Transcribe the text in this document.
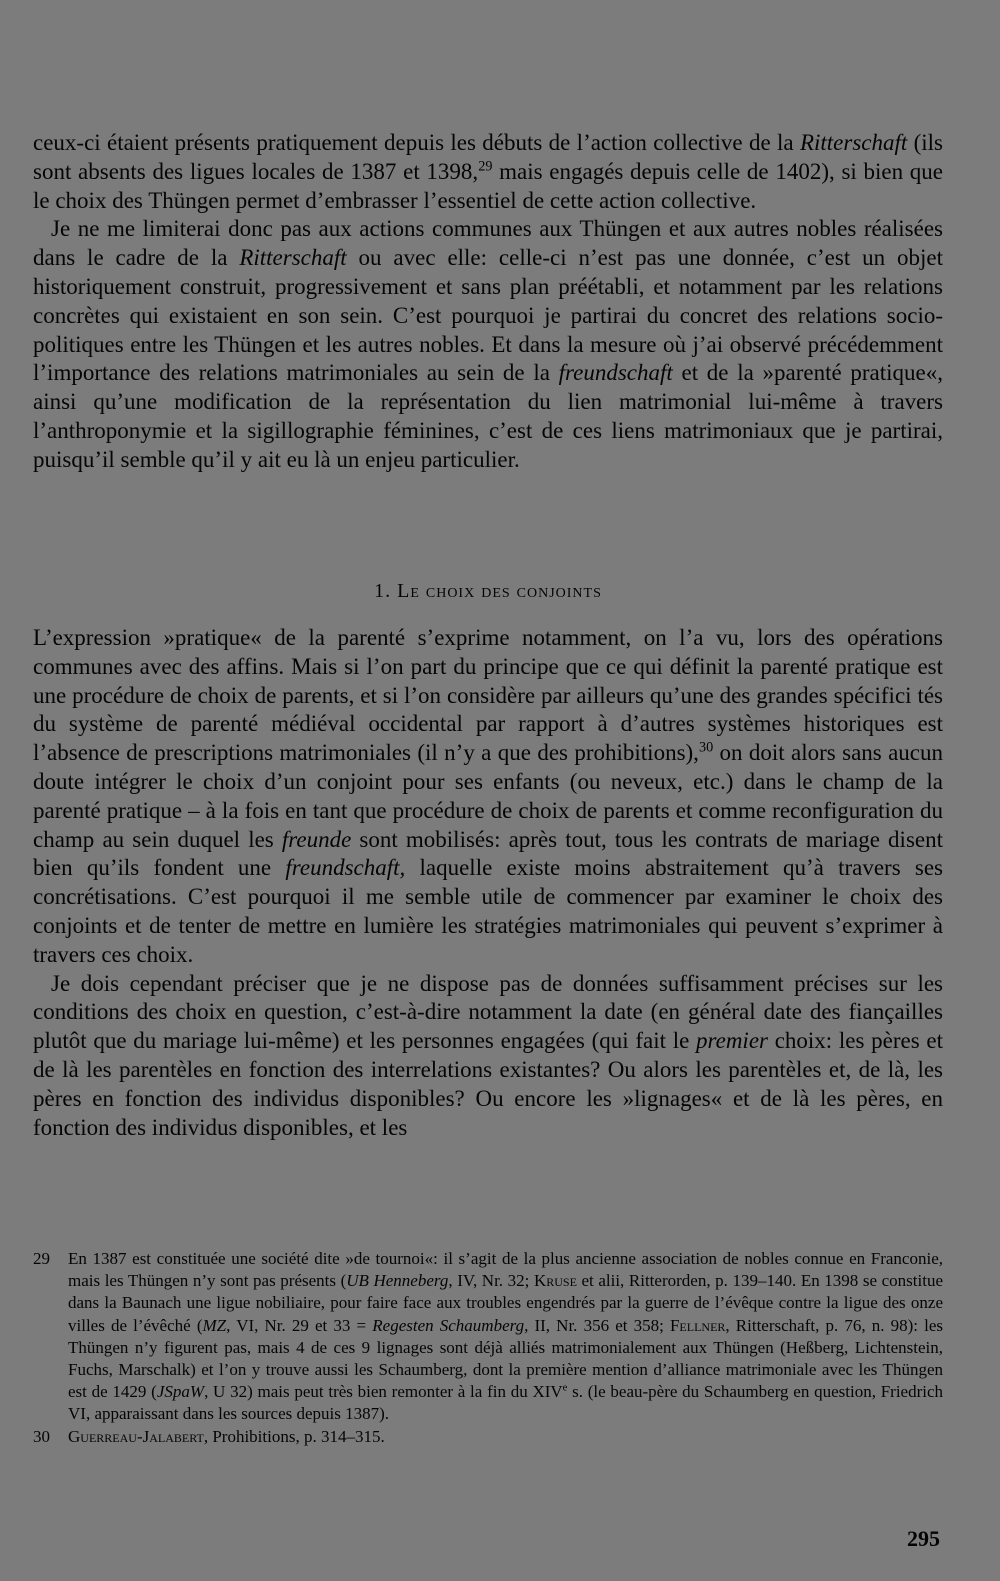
ceux-ci étaient présents pratiquement depuis les débuts de l’action collective de la Ritterschaft (ils sont absents des ligues locales de 1387 et 1398,29 mais engagés depuis celle de 1402), si bien que le choix des Thüngen permet d’embrasser l’essentiel de cette action collective.

Je ne me limiterai donc pas aux actions communes aux Thüngen et aux autres nobles réalisées dans le cadre de la Ritterschaft ou avec elle: celle-ci n’est pas une donnée, c’est un objet historiquement construit, progressivement et sans plan préétabli, et notamment par les relations concrètes qui existaient en son sein. C’est pourquoi je partirai du concret des relations socio-politiques entre les Thüngen et les autres nobles. Et dans la mesure où j’ai observé précédemment l’importance des relations matrimoniales au sein de la freundschaft et de la »parenté pratique«, ainsi qu’une modification de la représentation du lien matrimonial lui-même à travers l’anthroponymie et la sigillographie féminines, c’est de ces liens matrimoniaux que je partirai, puisqu’il semble qu’il y ait eu là un enjeu particulier.

1. Le choix des conjoints

L’expression »pratique« de la parenté s’exprime notamment, on l’a vu, lors des opérations communes avec des affins. Mais si l’on part du principe que ce qui définit la parenté pratique est une procédure de choix de parents, et si l’on considère par ailleurs qu’une des grandes spécifici tés du système de parenté médiéval occidental par rapport à d’autres systèmes historiques est l’absence de prescriptions matrimoniales (il n’y a que des prohibitions),$^{30}$ on doit alors sans aucun doute intégrer le choix d’un conjoint pour ses enfants (ou neveux, etc.) dans le champ de la parenté pratique – à la fois en tant que procédure de choix de parents et comme reconfiguration du champ au sein duquel les freunde sont mobilisés: après tout, tous les contrats de mariage disent bien qu’ils fondent une freundschaft, laquelle existe moins abstraitement qu’à travers ses concrétisations. C’est pourquoi il me semble utile de commencer par examiner le choix des conjoints et de tenter de mettre en lumière les stratégies matrimoniales qui peuvent s’exprimer à travers ces choix.

Je dois cependant préciser que je ne dispose pas de données suffisamment précises sur les conditions des choix en question, c’est-à-dire notamment la date (en général date des fiançailles plutôt que du mariage lui-même) et les personnes engagées (qui fait le premier choix: les pères et de là les parentèles en fonction des interrelations existantes? Ou alors les parentèles et, de là, les pères en fonction des individus disponibles? Ou encore les »lignages« et de là les pères, en fonction des individus disponibles, et les

29	En 1387 est constituée une société dite »de tournoi«: il s’agit de la plus ancienne association de nobles connue en Franconie, mais les Thüngen n’y sont pas présents (UB Henneberg, IV, Nr. 32; Kruse et alii, Ritterorden, p. 139–140. En 1398 se constitue dans la Baunach une ligue nobiliaire, pour faire face aux troubles engendrés par la guerre de l’évêque contre la ligue des onze villes de l’évêché (MZ, VI, Nr. 29 et 33 = Regesten Schaumberg, II, Nr. 356 et 358; Fellner, Ritterschaft, p. 76, n. 98): les Thüngen n’y figurent pas, mais 4 de ces 9 lignages sont déjà alliés matrimonialement aux Thüngen (Heßberg, Lichtenstein, Fuchs, Marschalk) et l’on y trouve aussi les Schaumberg, dont la première mention d’alliance matrimoniale avec les Thüngen est de 1429 (JSpaW, U 32) mais peut très bien remonter à la fin du XIVe s. (le beau-père du Schaumberg en question, Friedrich VI, apparaissant dans les sources depuis 1387).
30	Guerreau-Jalabert, Prohibitions, p. 314–315.
295
